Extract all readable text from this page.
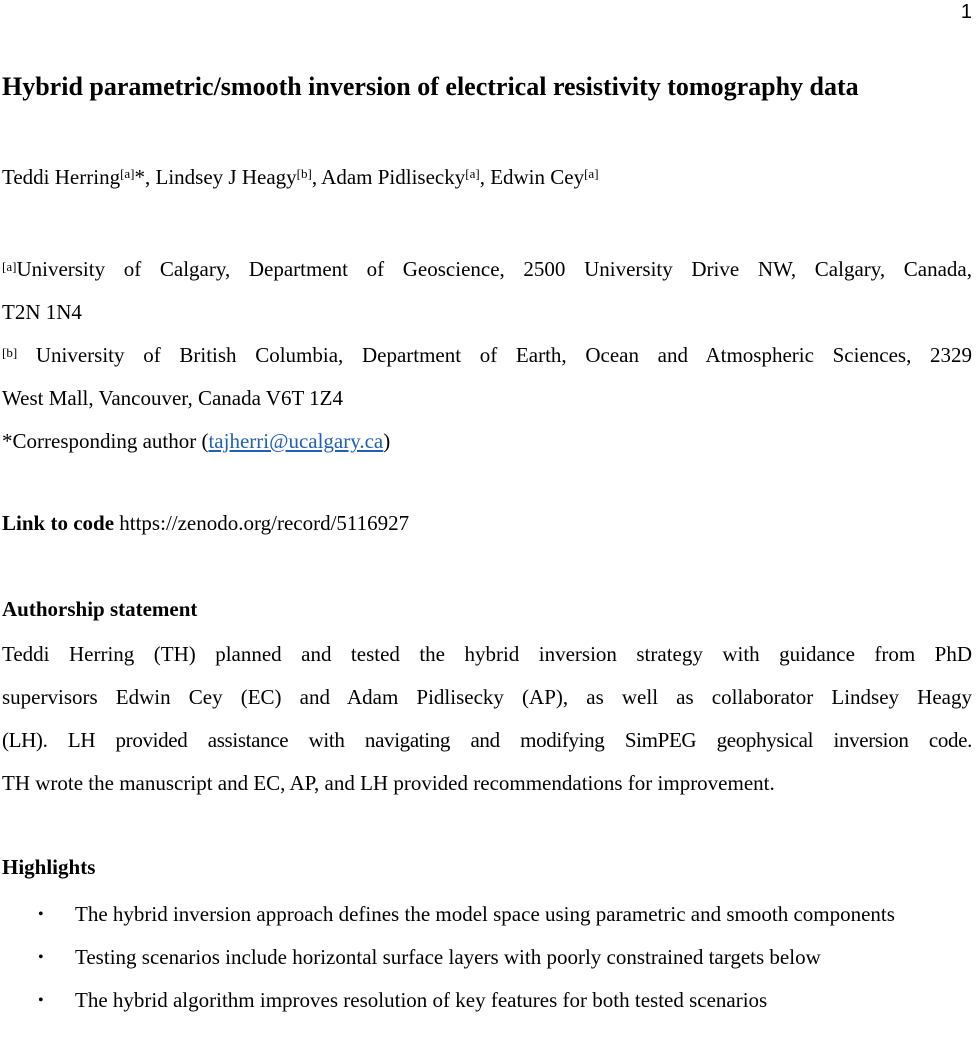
1
Hybrid parametric/smooth inversion of electrical resistivity tomography data
Teddi Herring[a]*, Lindsey J Heagy[b], Adam Pidlisecky[a], Edwin Cey[a]
[a]University of Calgary, Department of Geoscience, 2500 University Drive NW, Calgary, Canada,
T2N 1N4
[b] University of British Columbia, Department of Earth, Ocean and Atmospheric Sciences, 2329
West Mall, Vancouver, Canada V6T 1Z4
*Corresponding author (tajherri@ucalgary.ca)
Link to code https://zenodo.org/record/5116927
Authorship statement
Teddi Herring (TH) planned and tested the hybrid inversion strategy with guidance from PhD
supervisors Edwin Cey (EC) and Adam Pidlisecky (AP), as well as collaborator Lindsey Heagy
(LH). LH provided assistance with navigating and modifying SimPEG geophysical inversion code.
TH wrote the manuscript and EC, AP, and LH provided recommendations for improvement.
Highlights
• The hybrid inversion approach defines the model space using parametric and smooth components
• Testing scenarios include horizontal surface layers with poorly constrained targets below
• The hybrid algorithm improves resolution of key features for both tested scenarios
